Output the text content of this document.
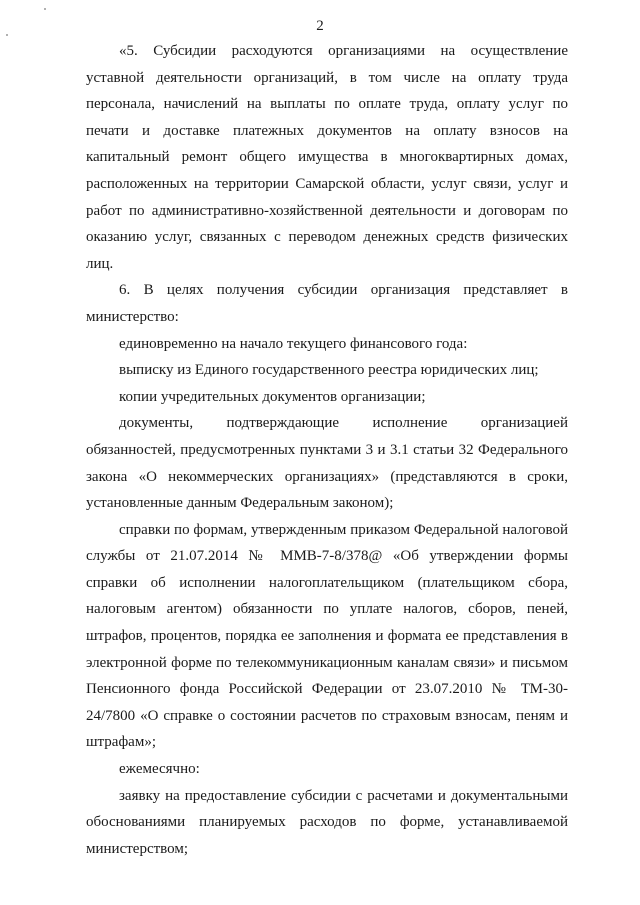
2

«5. Субсидии расходуются организациями на осуществление уставной деятельности организаций, в том числе на оплату труда персонала, начислений на выплаты по оплате труда, оплату услуг по печати и доставке платежных документов на оплату взносов на капитальный ремонт общего имущества в многоквартирных домах, расположенных на территории Самарской области, услуг связи, услуг и работ по административно-хозяйственной деятельности и договорам по оказанию услуг, связанных с переводом денежных средств физических лиц.

6. В целях получения субсидии организация представляет в министерство:

единовременно на начало текущего финансового года:

выписку из Единого государственного реестра юридических лиц;

копии учредительных документов организации;

документы, подтверждающие исполнение организацией обязанностей, предусмотренных пунктами 3 и 3.1 статьи 32 Федерального закона «О некоммерческих организациях» (представляются в сроки, установленные данным Федеральным законом);

справки по формам, утвержденным приказом Федеральной налоговой службы от 21.07.2014 № ММВ-7-8/378@ «Об утверждении формы справки об исполнении налогоплательщиком (плательщиком сбора, налоговым агентом) обязанности по уплате налогов, сборов, пеней, штрафов, процентов, порядка ее заполнения и формата ее представления в электронной форме по телекоммуникационным каналам связи» и письмом Пенсионного фонда Российской Федерации от 23.07.2010 № ТМ-30-24/7800 «О справке о состоянии расчетов по страховым взносам, пеням и штрафам»;

ежемесячно:

заявку на предоставление субсидии с расчетами и документальными обоснованиями планируемых расходов по форме, устанавливаемой министерством;
